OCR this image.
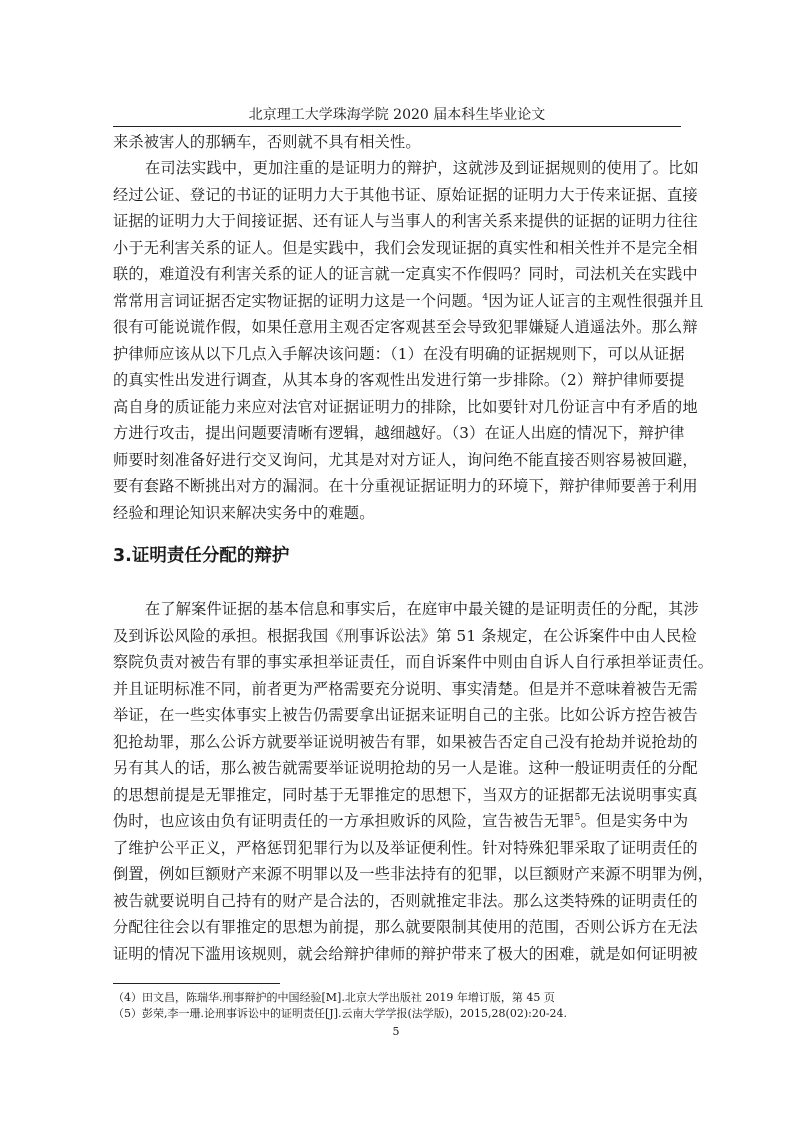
北京理工大学珠海学院 2020 届本科生毕业论文
来杀被害人的那辆车，否则就不具有相关性。
在司法实践中，更加注重的是证明力的辩护，这就涉及到证据规则的使用了。比如
经过公证、登记的书证的证明力大于其他书证、原始证据的证明力大于传来证据、直接
证据的证明力大于间接证据、还有证人与当事人的利害关系来提供的证据的证明力往往
小于无利害关系的证人。但是实践中，我们会发现证据的真实性和相关性并不是完全相
联的，难道没有利害关系的证人的证言就一定真实不作假吗？同时，司法机关在实践中
常常用言词证据否定实物证据的证明力这是一个问题。$^4$因为证人证言的主观性很强并且
很有可能说谎作假，如果任意用主观否定客观甚至会导致犯罪嫌疑人逍遥法外。那么辩
护律师应该从以下几点入手解决该问题：（1）在没有明确的证据规则下，可以从证据
的真实性出发进行调查，从其本身的客观性出发进行第一步排除。（2）辩护律师要提
高自身的质证能力来应对法官对证据证明力的排除，比如要针对几份证言中有矛盾的地
方进行攻击，提出问题要清晰有逻辑，越细越好。（3）在证人出庭的情况下，辩护律
师要时刻准备好进行交叉询问，尤其是对对方证人，询问绝不能直接否则容易被回避，
要有套路不断挑出对方的漏洞。在十分重视证据证明力的环境下，辩护律师要善于利用
经验和理论知识来解决实务中的难题。
3.证明责任分配的辩护
在了解案件证据的基本信息和事实后，在庭审中最关键的是证明责任的分配，其涉
及到诉讼风险的承担。根据我国《刑事诉讼法》第 51 条规定，在公诉案件中由人民检
察院负责对被告有罪的事实承担举证责任，而自诉案件中则由自诉人自行承担举证责任。
并且证明标准不同，前者更为严格需要充分说明、事实清楚。但是并不意味着被告无需
举证，在一些实体事实上被告仍需要拿出证据来证明自己的主张。比如公诉方控告被告
犯抢劫罪，那么公诉方就要举证说明被告有罪，如果被告否定自己没有抢劫并说抢劫的
另有其人的话，那么被告就需要举证说明抢劫的另一人是谁。这种一般证明责任的分配
的思想前提是无罪推定，同时基于无罪推定的思想下，当双方的证据都无法说明事实真
伪时，也应该由负有证明责任的一方承担败诉的风险，宣告被告无罪$^5$。但是实务中为
了维护公平正义，严格惩罚犯罪行为以及举证便利性。针对特殊犯罪采取了证明责任的
倒置，例如巨额财产来源不明罪以及一些非法持有的犯罪，以巨额财产来源不明罪为例，
被告就要说明自己持有的财产是合法的，否则就推定非法。那么这类特殊的证明责任的
分配往往会以有罪推定的思想为前提，那么就要限制其使用的范围，否则公诉方在无法
证明的情况下滥用该规则，就会给辩护律师的辩护带来了极大的困难，就是如何证明被
（4）田文昌，陈瑞华.刑事辩护的中国经验[M].北京大学出版社 2019 年增订版，第 45 页
（5）彭荣,李一珊.论刑事诉讼中的证明责任[J].云南大学学报(法学版)，2015,28(02):20-24.
5
